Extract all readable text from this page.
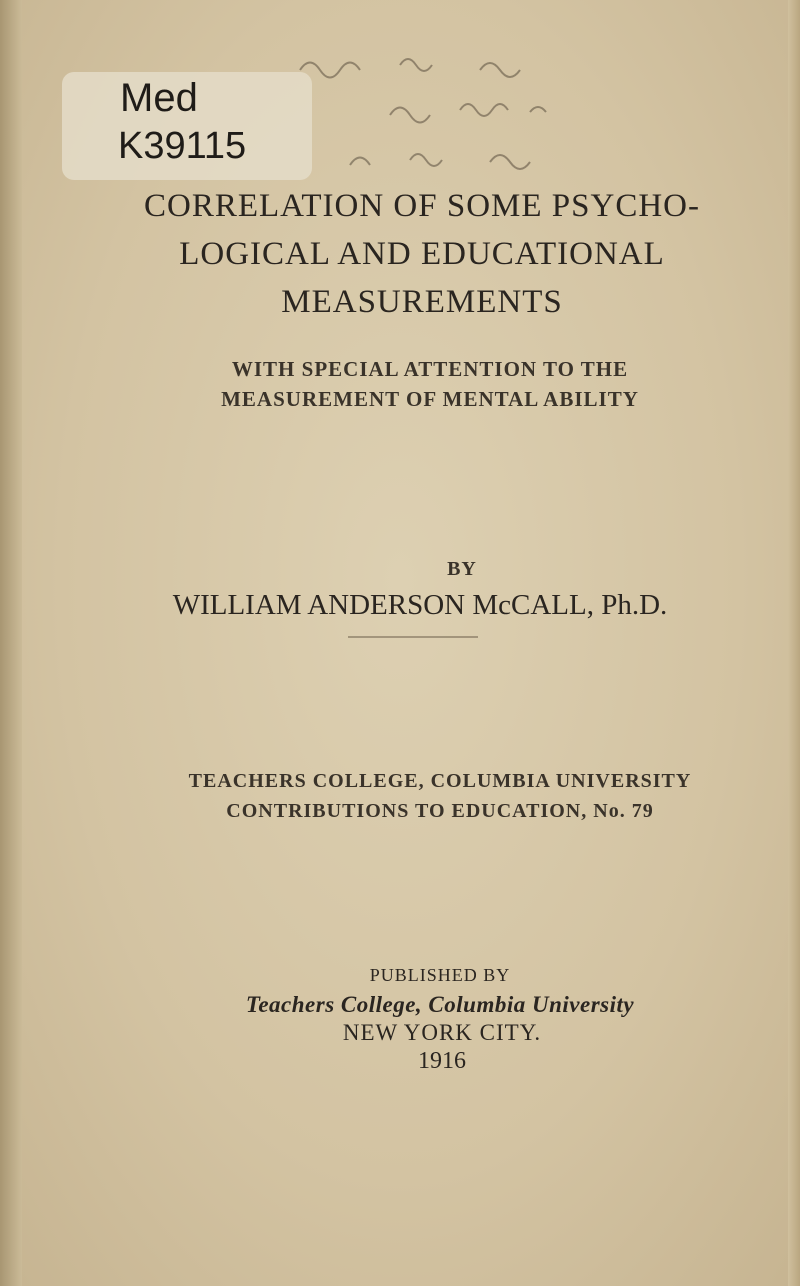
Med
K39115
CORRELATION OF SOME PSYCHO-
LOGICAL AND EDUCATIONAL
MEASUREMENTS
WITH SPECIAL ATTENTION TO THE
MEASUREMENT OF MENTAL ABILITY
BY
WILLIAM ANDERSON McCALL, Ph.D.
TEACHERS COLLEGE, COLUMBIA UNIVERSITY
CONTRIBUTIONS TO EDUCATION, No. 79
PUBLISHED BY
Teachers College, Columbia University
NEW YORK CITY.
1916
